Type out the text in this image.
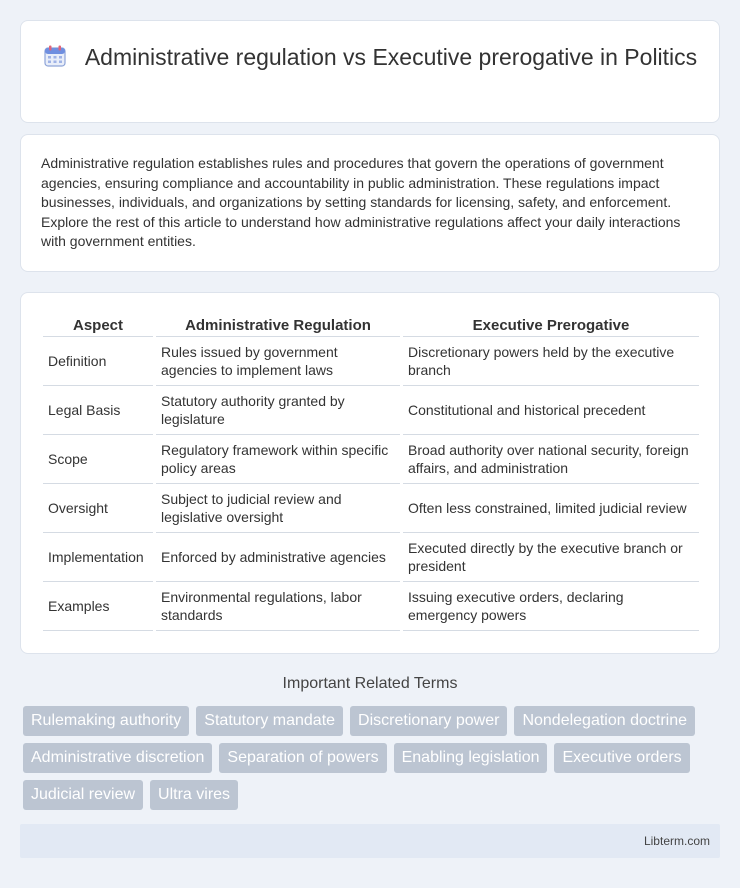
Administrative regulation vs Executive prerogative in Politics

Administrative regulation establishes rules and procedures that govern the operations of government agencies, ensuring compliance and accountability in public administration. These regulations impact businesses, individuals, and organizations by setting standards for licensing, safety, and enforcement. Explore the rest of this article to understand how administrative regulations affect your daily interactions with government entities.

Aspect		Administrative Regulation		Executive Prerogative
Definition		Rules issued by government agencies to implement laws		Discretionary powers held by the executive branch
Legal Basis		Statutory authority granted by legislature		Constitutional and historical precedent
Scope		Regulatory framework within specific policy areas		Broad authority over national security, foreign affairs, and administration
Oversight		Subject to judicial review and legislative oversight		Often less constrained, limited judicial review
Implementation		Enforced by administrative agencies		Executed directly by the executive branch or president
Examples		Environmental regulations, labor standards		Issuing executive orders, declaring emergency powers
Important Related Terms
Rulemaking authority	Statutory mandate	Discretionary power	Nondelegation doctrine
Administrative discretion	Separation of powers	Enabling legislation	Executive orders
Judicial review	Ultra vires
Libterm.com
